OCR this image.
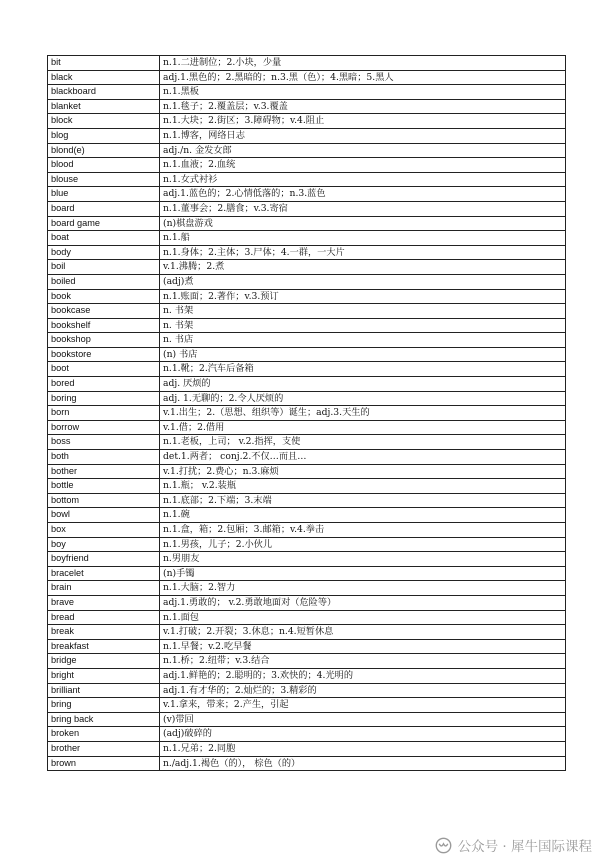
bit	n.1.二进制位；2.小块，少量
black	adj.1.黑色的；2.黑暗的；n.3.黑（色）；4.黑暗；5.黑人
blackboard	n.1.黑板
blanket	n.1.毯子；2.覆盖层；v.3.覆盖
block	n.1.大块；2.街区；3.障碍物；v.4.阻止
blog	n.1.博客，网络日志
blond(e)	adj./n. 金发女郎
blood	n.1.血液；2.血统
blouse	n.1.女式衬衫
blue	adj.1.蓝色的；2.心情低落的；n.3.蓝色
board	n.1.董事会；2.膳食；v.3.寄宿
board game	(n)棋盘游戏
boat	n.1.船
body	n.1.身体；2.主体；3.尸体；4.一群，一大片
boil	v.1.沸腾；2.煮
boiled	(adj)煮
book	n.1.账面；2.著作；v.3.预订
bookcase	n. 书架
bookshelf	n. 书架
bookshop	n. 书店
bookstore	(n) 书店
boot	n.1.靴；2.汽车后备箱
bored	adj. 厌烦的
boring	adj. 1.无聊的；2.令人厌烦的
born	v.1.出生；2.（思想、组织等）诞生；adj.3.天生的
borrow	v.1.借；2.借用
boss	n.1.老板，上司； v.2.指挥，支使
both	det.1.两者； conj.2.不仅…而且…
bother	v.1.打扰；2.费心；n.3.麻烦
bottle	n.1.瓶； v.2.装瓶
bottom	n.1.底部；2.下端；3.末端
bowl	n.1.碗
box	n.1.盒，箱；2.包厢；3.邮箱；v.4.拳击
boy	n.1.男孩，儿子；2.小伙儿
boyfriend	n.男朋友
bracelet	(n)手镯
brain	n.1.大脑；2.智力
brave	adj.1.勇敢的； v.2.勇敢地面对（危险等）
bread	n.1.面包
break	v.1.打破；2.开裂；3.休息；n.4.短暂休息
breakfast	n.1.早餐；v.2.吃早餐
bridge	n.1.桥；2.纽带；v.3.结合
bright	adj.1.鲜艳的；2.聪明的；3.欢快的；4.光明的
brilliant	adj.1.有才华的；2.灿烂的；3.精彩的
bring	v.1.拿来，带来；2.产生，引起
bring back	(v)带回
broken	(adj)破碎的
brother	n.1.兄弟；2.同胞
brown	n./adj.1.褐色（的）， 棕色（的）
公众号 · 犀牛国际课程
